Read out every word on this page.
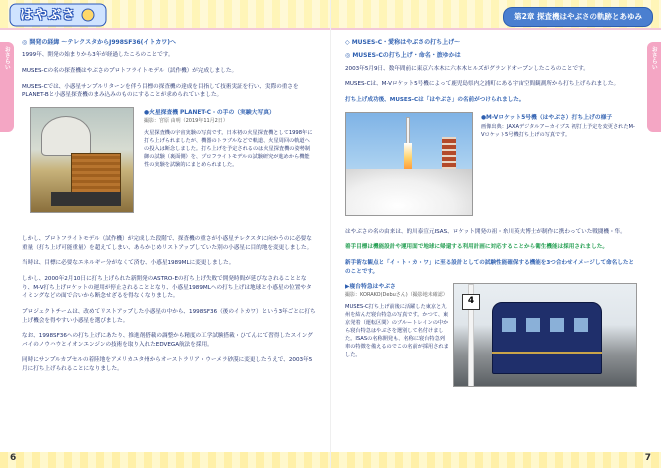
はやぶさ
おさらい
◎ 開発の経緯 〜テレクスタからJ998SF36(イトカワ)へ
1999年、開発の始まりから3年が経過したころのことです。
MUSES-Cの名の探査機はやぶさのプロトフライトモデル（試作機）が完成しました。
MUSES-Cでは、小惑星サンプルリターンを伴う目標の探査機の達成を目指して技術実証を行い、実際の重さをPLANET-Bと小惑星探査機のまみ込みのものにすることが求められていました。
●火星探査機 PLANET-C・の手の（実験大写真）
撮影：宮原 由明（2019年11月2日）
火星探査機の宇宙実験の写真です。日本初の火星探査機として1998年に打ち上げられましたが、機器のトラブルなどで軌道、火星周回の軌道への投入は断念しました。打ち上げを予定されるのは火星探査機の姿勢制御の試験（裏面側）を、プロフライトモデルの試験研究が進めから機能性の実験を試験的にまとめられました。
しかし、プロトフライトモデル（試作機）が完成した段階で、探査機の重さが小惑星テレクスタに向かうのに必要な重量（打ち上げ可能重量）を超えてしまい、あらかじめリストアップしていた別の小惑星に目的地を変更しました。
当時は、目標に必要なエネルギー分がなくて済む、小惑星1989MLに変更しました。
しかし、2000年2月10日に打ち上げられた新開発のASTRO-Eの打ち上げ失敗で開発時間が延びなされることとなり、M-V打ち上げロケットの運用が停止されることとなり、小惑星1989MLへの打ち上げは地球と小惑星の位置やタイミングなどの面で合いから断念せざるを得なくなりました。
プロジェクトチームは、改めてリストアップした小惑星の中から、1998SF36（後のイトカワ）という3年ごとに打ち上げ機会を得やすい小惑星を選びました。
なお、1998SF36への打ち上げにあたり、推進剤搭載の調整から精度の工学試験搭載・ひてんにて習得したスイングバイのノウハウとイオンエンジンの技術を取り入れたEDVEGA航法を採用。
同時にサンプルカプセルの着陸地をアメリカユタ州からオーストラリア・ウーメラ砂漠に変更したうえで、2003年5月に打ち上げられることになりました。
6
第2章 探査機はやぶさの軌跡とあゆみ
おさらい
◇ MUSES-C・愛称はやぶさの打ち上げ〜
◎ MUSES-Cの打ち上げ・命名・旅ゆかは
2003年5月9日、数年間前に東京六本木に六本木ヒルズがグランドオープンしたころのことです。
MUSES-Cは、M-Vロケット5号機によって鹿児島県内之浦町にある宇宙空間観測所から打ち上げられました。
打ち上げ成功後、MUSES-Cは「はやぶさ」の名前がつけられました。
●M-Vロケット5号機（はやぶさ）打ち上げの様子
画像出典：JAXAデジタルアーカイブス 初打上予定を変更されたM-Vロケット5号機打ち上げの写真です。
はやぶさの名の由来は、的川泰宣元ISAS、ロケット開発の祖・糸川英夫博士が制作に携わっていた戦闘機・隼。
着手目標は機能設計や運用面で地球に帰還する利用計画に対応することから衛生機能は採用されました。
新手術な観点と「イ・ト・カ・ワ」に至る設計としての試験性能確保する機能を3つ合わせイメージして命名したとのことです。
▶寝台特急はやぶさ
撮影：KORAKO(Debuさん)（撮影地未確認）
MUSES-C打ち上げ前後に活躍した東京と九州を結んだ寝台特急の写真です。かつて、東京発着（運転区間）のブルートレインの中から寝台特急はやぶさを選別して名付けました。ISASの名称開発も、名称に寝台特急列車の特徴を備えるのでこの名前が採用されました。
4
7
